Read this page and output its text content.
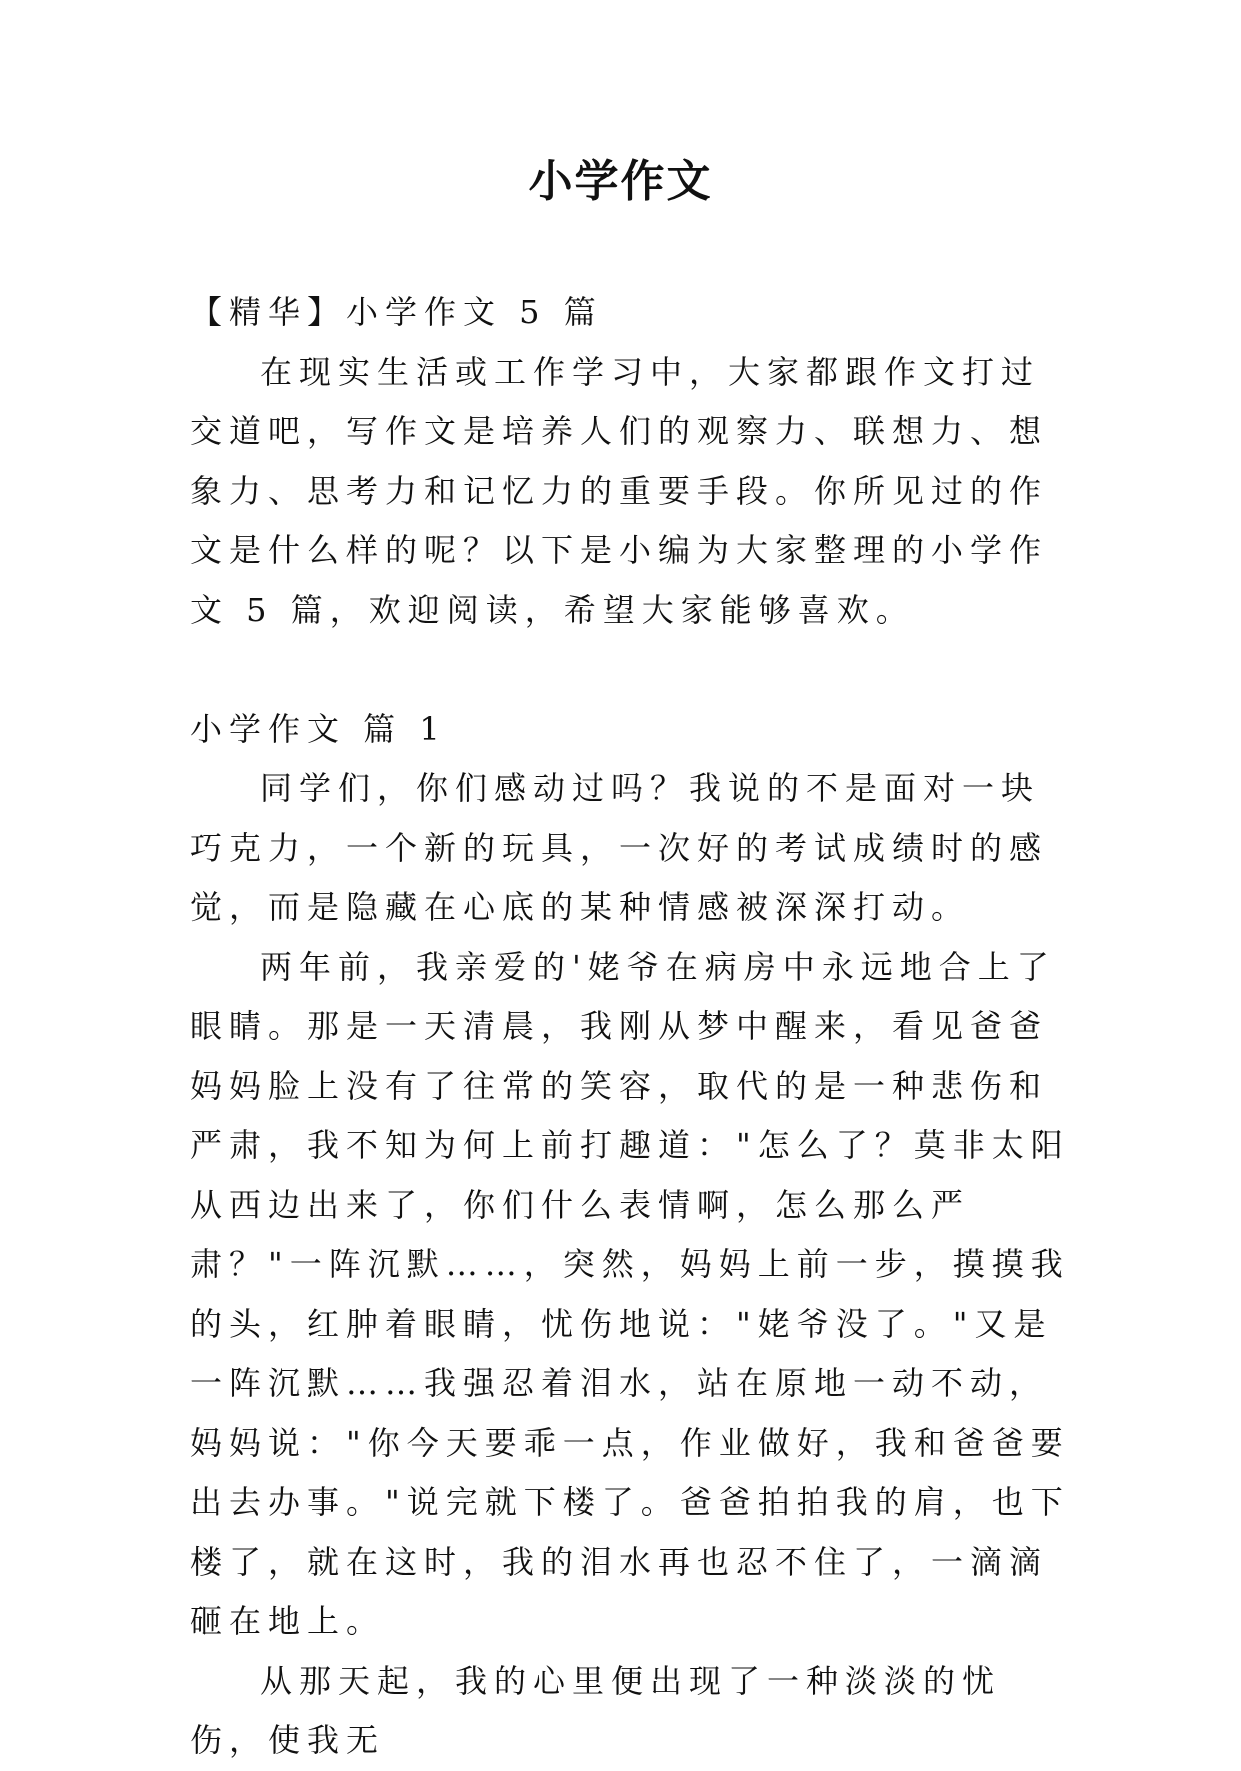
小学作文

【精华】小学作文 5 篇

在现实生活或工作学习中，大家都跟作文打过交道吧，写作文是培养人们的观察力、联想力、想象力、思考力和记忆力的重要手段。你所见过的作文是什么样的呢？以下是小编为大家整理的小学作文 5 篇，欢迎阅读，希望大家能够喜欢。

小学作文 篇 1

同学们，你们感动过吗？我说的不是面对一块巧克力，一个新的玩具，一次好的考试成绩时的感觉，而是隐藏在心底的某种情感被深深打动。

两年前，我亲爱的'姥爷在病房中永远地合上了眼睛。那是一天清晨，我刚从梦中醒来，看见爸爸妈妈脸上没有了往常的笑容，取代的是一种悲伤和严肃，我不知为何上前打趣道："怎么了？莫非太阳从西边出来了，你们什么表情啊，怎么那么严肃？"一阵沉默……，突然，妈妈上前一步，摸摸我的头，红肿着眼睛，忧伤地说："姥爷没了。"又是一阵沉默……我强忍着泪水，站在原地一动不动，妈妈说："你今天要乖一点，作业做好，我和爸爸要出去办事。"说完就下楼了。爸爸拍拍我的肩，也下楼了，就在这时，我的泪水再也忍不住了，一滴滴砸在地上。

从那天起，我的心里便出现了一种淡淡的忧伤，使我无
